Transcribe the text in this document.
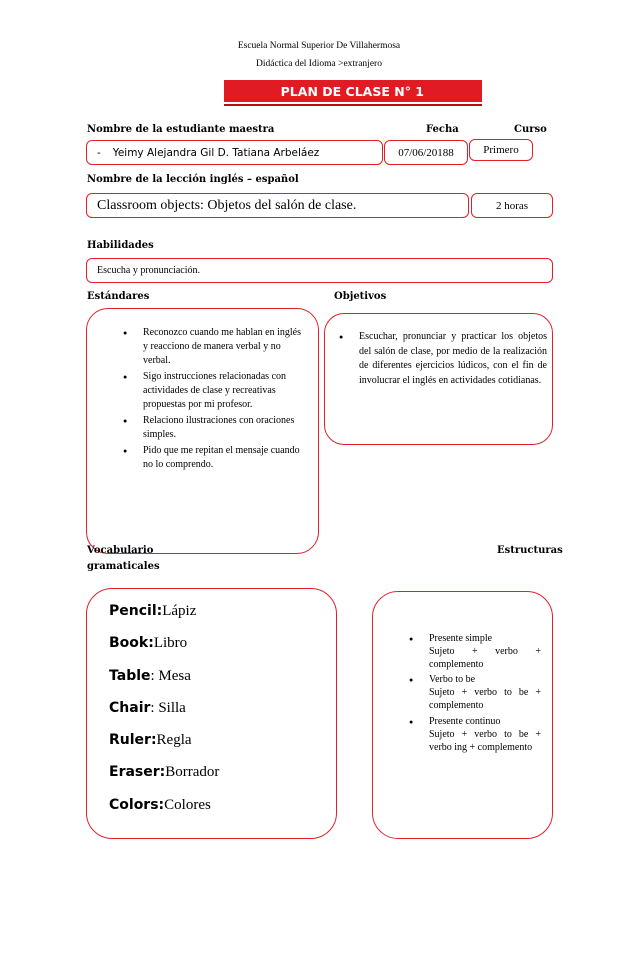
Escuela Normal Superior De Villahermosa
Didáctica del Idioma >extranjero
PLAN DE CLASE N° 1
Nombre de la estudiante maestra	Fecha	Curso
- Yeimy Alejandra Gil D. Tatiana Arbeláez	07/06/20188	Primero
Nombre de la lección inglés – español
Classroom objects: Objetos del salón de clase.	2 horas
Habilidades
Escucha y pronunciación.
Estándares	Objetivos
● Reconozco cuando me hablan en inglés y reacciono de manera verbal y no verbal.
● Sigo instrucciones relacionadas con actividades de clase y recreativas propuestas por mi profesor.
● Relaciono ilustraciones con oraciones simples.
● Pido que me repitan el mensaje cuando no lo comprendo.
● Escuchar, pronunciar y practicar los objetos del salón de clase, por medio de la realización de diferentes ejercicios lúdicos, con el fin de involucrar el inglés en actividades cotidianas.
Vocabulario
gramaticales
Estructuras
Pencil:Lápiz
Book:Libro
Table: Mesa
Chair: Silla
Ruler:Regla
Eraser:Borrador
Colors:Colores
● Presente simple
Sujeto + verbo + complemento
● Verbo to be
Sujeto + verbo to be + complemento
● Presente continuo
Sujeto + verbo to be + verbo ing + complemento
